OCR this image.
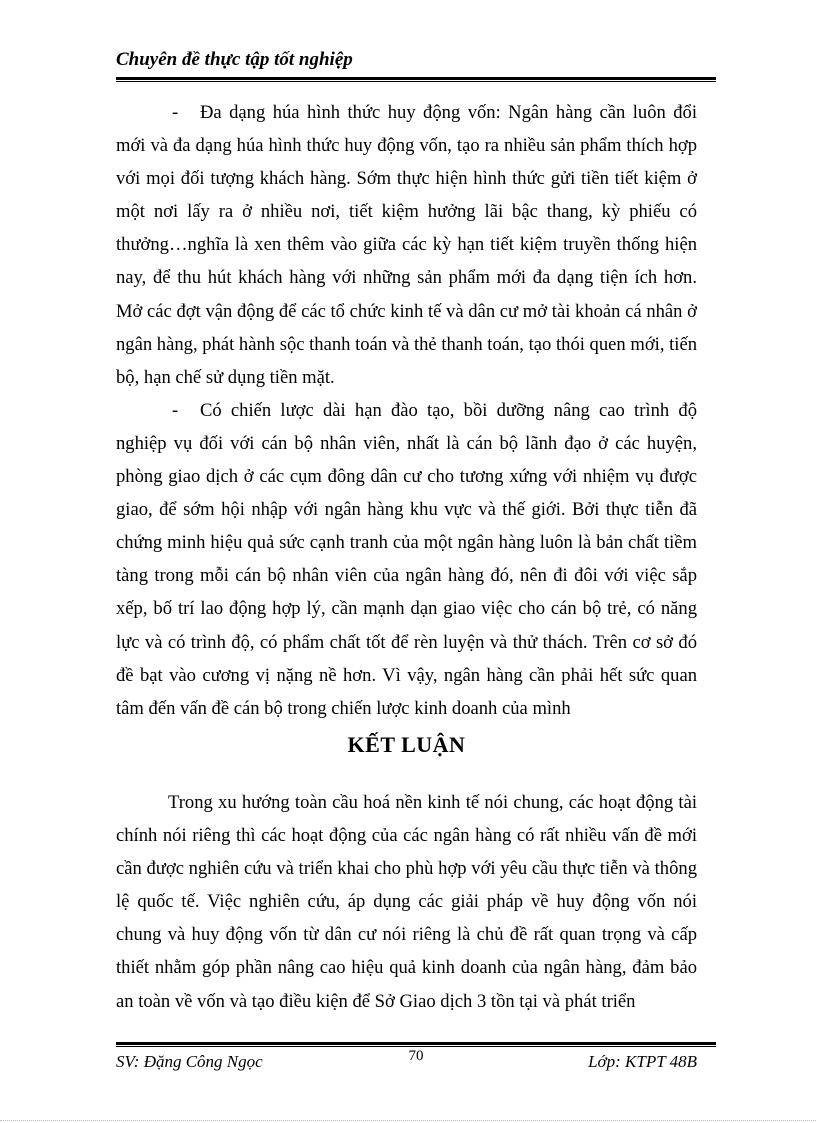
Chuyên đề thực tập tốt nghiệp

- Đa dạng húa hình thức huy động vốn: Ngân hàng cần luôn đổi mới và đa dạng húa hình thức huy động vốn, tạo ra nhiều sản phẩm thích hợp với mọi đối tượng khách hàng. Sớm thực hiện hình thức gửi tiền tiết kiệm ở một nơi lấy ra ở nhiều nơi, tiết kiệm hưởng lãi bậc thang, kỳ phiếu có thưởng…nghĩa là xen thêm vào giữa các kỳ hạn tiết kiệm truyền thống hiện nay, để thu hút khách hàng với những sản phẩm mới đa dạng tiện ích hơn. Mở các đợt vận động để các tổ chức kinh tế và dân cư mở tài khoản cá nhân ở ngân hàng, phát hành sộc thanh toán và thẻ thanh toán, tạo thói quen mới, tiến bộ, hạn chế sử dụng tiền mặt.

- Có chiến lược dài hạn đào tạo, bồi dưỡng nâng cao trình độ nghiệp vụ đối với cán bộ nhân viên, nhất là cán bộ lãnh đạo ở các huyện, phòng giao dịch ở các cụm đông dân cư cho tương xứng với nhiệm vụ được giao, để sớm hội nhập với ngân hàng khu vực và thế giới. Bởi thực tiễn đã chứng minh hiệu quả sức cạnh tranh của một ngân hàng luôn là bản chất tiềm tàng trong mỗi cán bộ nhân viên của ngân hàng đó, nên đi đôi với việc sắp xếp, bố trí lao động hợp lý, cần mạnh dạn giao việc cho cán bộ trẻ, có năng lực và có trình độ, có phẩm chất tốt để rèn luyện và thử thách. Trên cơ sở đó đề bạt vào cương vị nặng nề hơn. Vì vậy, ngân hàng cần phải hết sức quan tâm đến vấn đề cán bộ trong chiến lược kinh doanh của mình

KẾT LUẬN

Trong xu hướng toàn cầu hoá nền kinh tế nói chung, các hoạt động tài chính nói riêng thì các hoạt động của các ngân hàng có rất nhiều vấn đề mới cần được nghiên cứu và triển khai cho phù hợp với yêu cầu thực tiễn và thông lệ quốc tế. Việc nghiên cứu, áp dụng các giải pháp về huy động vốn nói chung và huy động vốn từ dân cư nói riêng là chủ đề rất quan trọng và cấp thiết nhằm góp phần nâng cao hiệu quả kinh doanh của ngân hàng, đảm bảo an toàn về vốn và tạo điều kiện để Sở Giao dịch 3 tồn tại và phát triển

SV: Đặng Công Ngọc	70	Lớp: KTPT 48B
